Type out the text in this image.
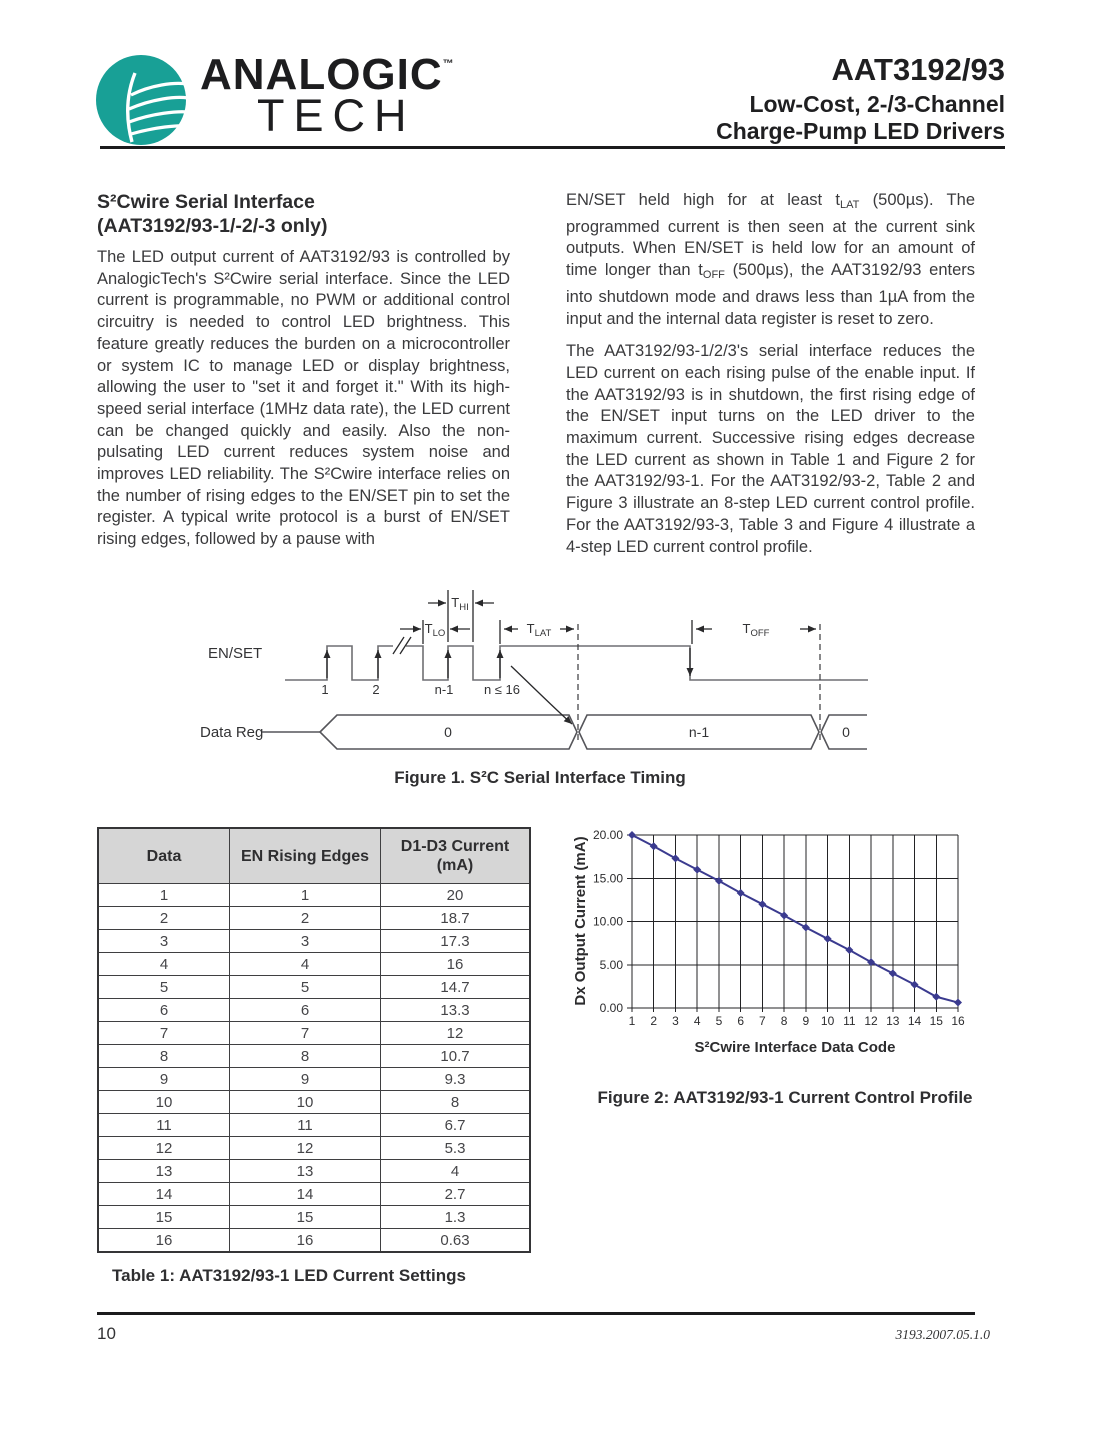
ANALOGIC™
TECH
AAT3192/93
Low-Cost, 2-/3-Channel
Charge-Pump LED Drivers
S²Cwire Serial Interface
(AAT3192/93-1/-2/-3 only)
The LED output current of AAT3192/93 is controlled by AnalogicTech's S²Cwire serial interface. Since the LED current is programmable, no PWM or additional control circuitry is needed to control LED brightness. This feature greatly reduces the burden on a microcontroller or system IC to manage LED or display brightness, allowing the user to "set it and forget it." With its high-speed serial interface (1MHz data rate), the LED current can be changed quickly and easily. Also the non-pulsating LED current reduces system noise and improves LED reliability. The S²Cwire interface relies on the number of rising edges to the EN/SET pin to set the register. A typical write protocol is a burst of EN/SET rising edges, followed by a pause with
EN/SET held high for at least tLAT (500µs). The programmed current is then seen at the current sink outputs. When EN/SET is held low for an amount of time longer than tOFF (500µs), the AAT3192/93 enters into shutdown mode and draws less than 1µA from the input and the internal data register is reset to zero.
The AAT3192/93-1/2/3's serial interface reduces the LED current on each rising pulse of the enable input. If the AAT3192/93 is in shutdown, the first rising edge of the EN/SET input turns on the LED driver to the maximum current. Successive rising edges decrease the LED current as shown in Table 1 and Figure 2 for the AAT3192/93-1. For the AAT3192/93-2, Table 2 and Figure 3 illustrate an 8-step LED current control profile. For the AAT3192/93-3, Table 3 and Figure 4 illustrate a 4-step LED current control profile.
$T_{HI}$
$T_{LO}$	$T_{LAT}$	$T_{OFF}$
1	2	n-1 n ≤ 16
EN/SET
Data Reg	0	n-1	0
Figure 1. S²C Serial Interface Timing
Data	EN Rising Edges	D1-D3 Current (mA)
1	1	20
2	2	18.7
3	3	17.3
4	4	16
5	5	14.7
6	6	13.3
7	7	12
8	8	10.7
9	9	9.3
10	10	8
11	11	6.7
12	12	5.3
13	13	4
14	14	2.7
15	15	1.3
16	16	0.63
Table 1: AAT3192/93-1 LED Current Settings
1 2 3 4 5 6 7 8 9 10 11 12 13 14 15 16
0.00
5.00
10.00
15.00
20.00
Dx Output Current (mA)
S²Cwire Interface Data Code
Figure 2: AAT3192/93-1 Current Control Profile
10	3193.2007.05.1.0
